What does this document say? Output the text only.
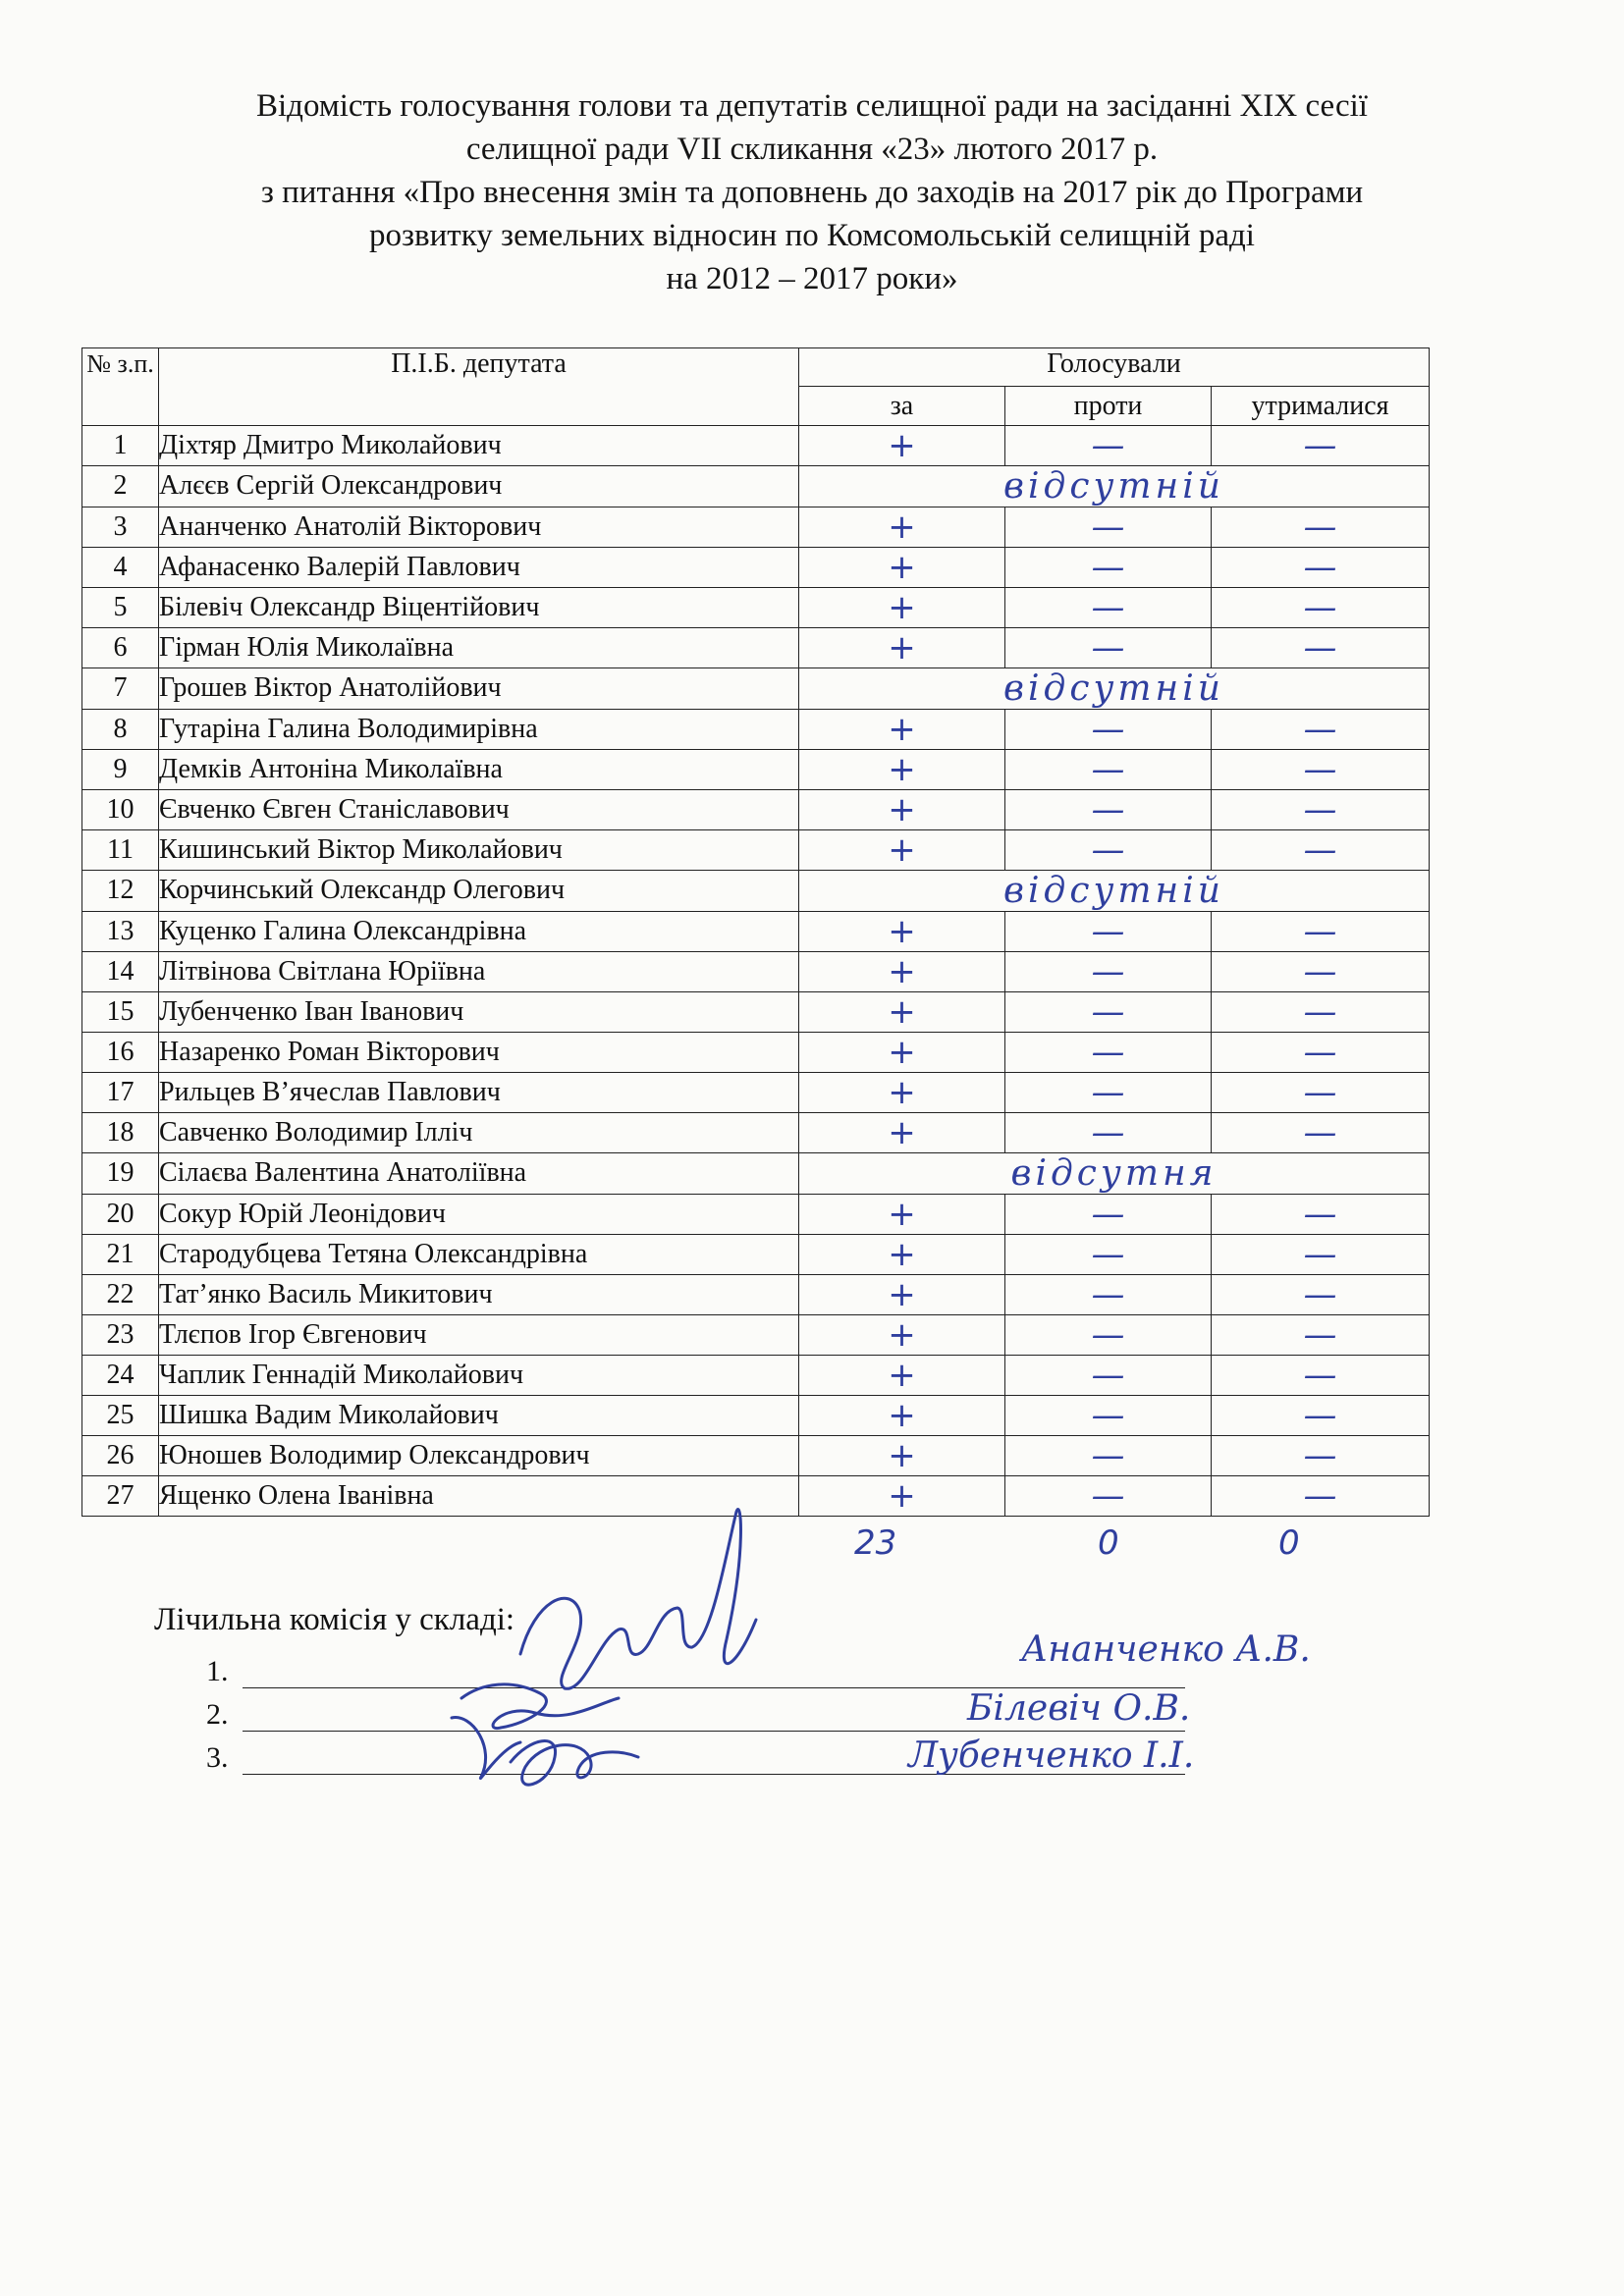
Відомість голосування голови та депутатів селищної ради на засіданні ХІХ сесії
селищної ради VІІ скликання «23» лютого 2017 р.
з питання «Про внесення змін та доповнень до заходів на 2017 рік до Програми
розвитку земельних відносин по Комсомольській селищній раді
на 2012 – 2017 роки»
№ з.п.	П.І.Б. депутата	Голосували		
		за	проти	утрималися
1	Діхтяр Дмитро Миколайович	+	—	—
2	Алєєв Сергій Олександрович	відсутній		
3	Ананченко Анатолій Вікторович	+	—	—
4	Афанасенко Валерій Павлович	+	—	—
5	Білевіч Олександр Віцентійович	+	—	—
6	Гірман Юлія Миколаївна	+	—	—
7	Грошев Віктор Анатолійович	відсутній		
8	Гутаріна Галина Володимирівна	+	—	—
9	Демків Антоніна Миколаївна	+	—	—
10	Євченко Євген Станіславович	+	—	—
11	Кишинський Віктор Миколайович	+	—	—
12	Корчинський Олександр Олегович	відсутній		
13	Куценко Галина Олександрівна	+	—	—
14	Літвінова Світлана Юріївна	+	—	—
15	Лубенченко Іван Іванович	+	—	—
16	Назаренко Роман Вікторович	+	—	—
17	Рильцев В’ячеслав Павлович	+	—	—
18	Савченко Володимир Ілліч	+	—	—
19	Сілаєва Валентина Анатоліївна	відсутня		
20	Сокур Юрій Леонідович	+	—	—
21	Стародубцева Тетяна Олександрівна	+	—	—
22	Тат’янко Василь Микитович	+	—	—
23	Тлєпов Ігор Євгенович	+	—	—
24	Чаплик Геннадій Миколайович	+	—	—
25	Шишка Вадим Миколайович	+	—	—
26	Юношев Володимир Олександрович	+	—	—
27	Ященко Олена Іванівна	+	—	—
23	0	0
Лічильна комісія у складі:
1.
2.
3.
Ананченко А.В.
Білевіч О.В.
Лубенченко І.І.
